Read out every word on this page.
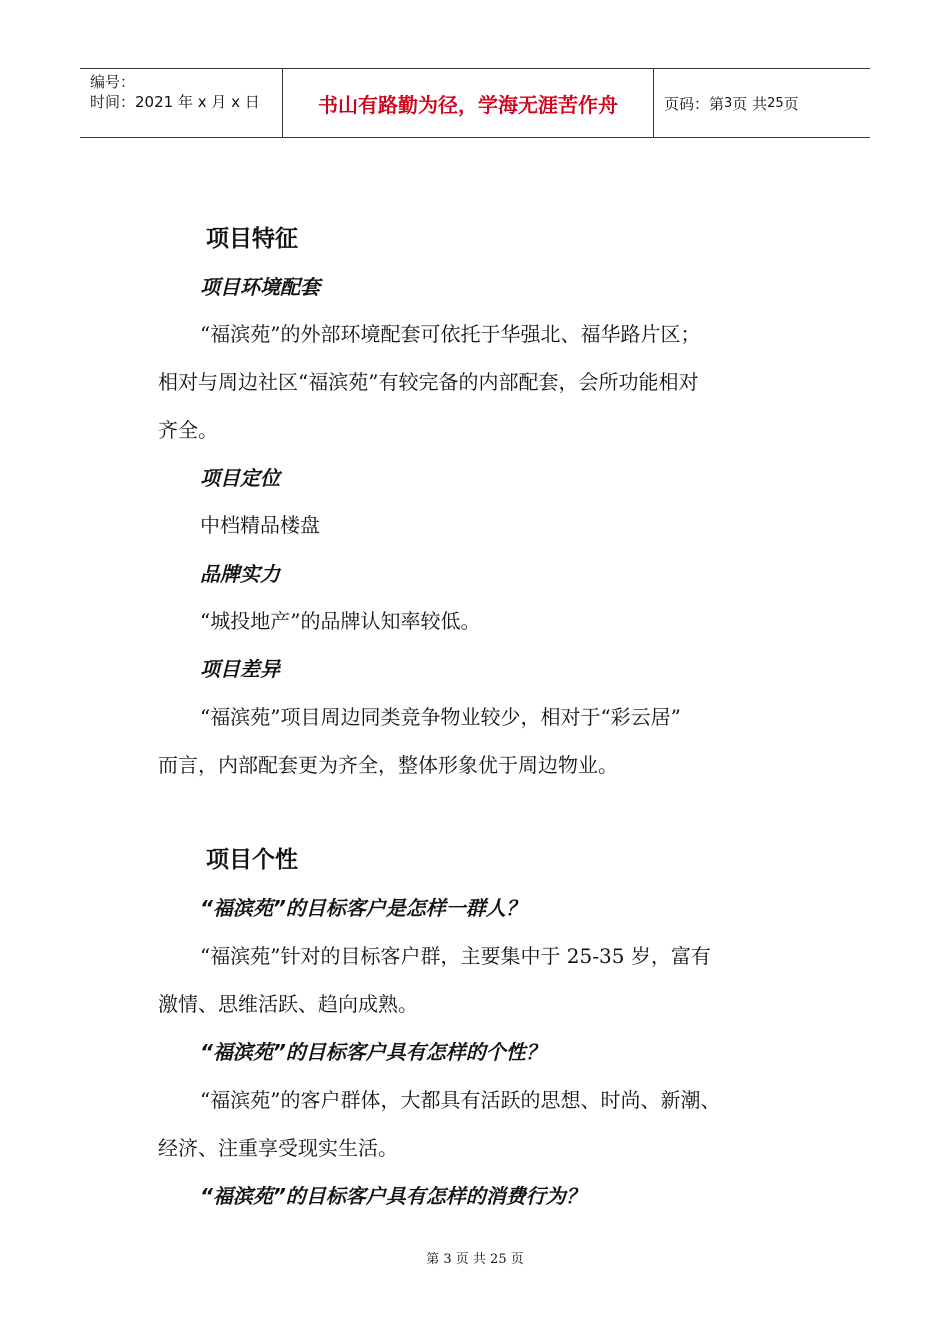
编号：
时间：2021 年 x 月 x 日	书山有路勤为径，学海无涯苦作舟	页码：第 3 页 共 25 页
项目特征
项目环境配套
“福滨苑”的外部环境配套可依托于华强北、福华路片区；
相对与周边社区“福滨苑”有较完备的内部配套，会所功能相对
齐全。
项目定位
中档精品楼盘
品牌实力
“城投地产”的品牌认知率较低。
项目差异
“福滨苑”项目周边同类竞争物业较少，相对于“彩云居”
而言，内部配套更为齐全，整体形象优于周边物业。
项目个性
“福滨苑”的目标客户是怎样一群人？
“福滨苑”针对的目标客户群，主要集中于 25-35 岁，富有
激情、思维活跃、趋向成熟。
“福滨苑”的目标客户具有怎样的个性？
“福滨苑”的客户群体，大都具有活跃的思想、时尚、新潮、
经济、注重享受现实生活。
“福滨苑”的目标客户具有怎样的消费行为？
第 3 页 共 25 页
